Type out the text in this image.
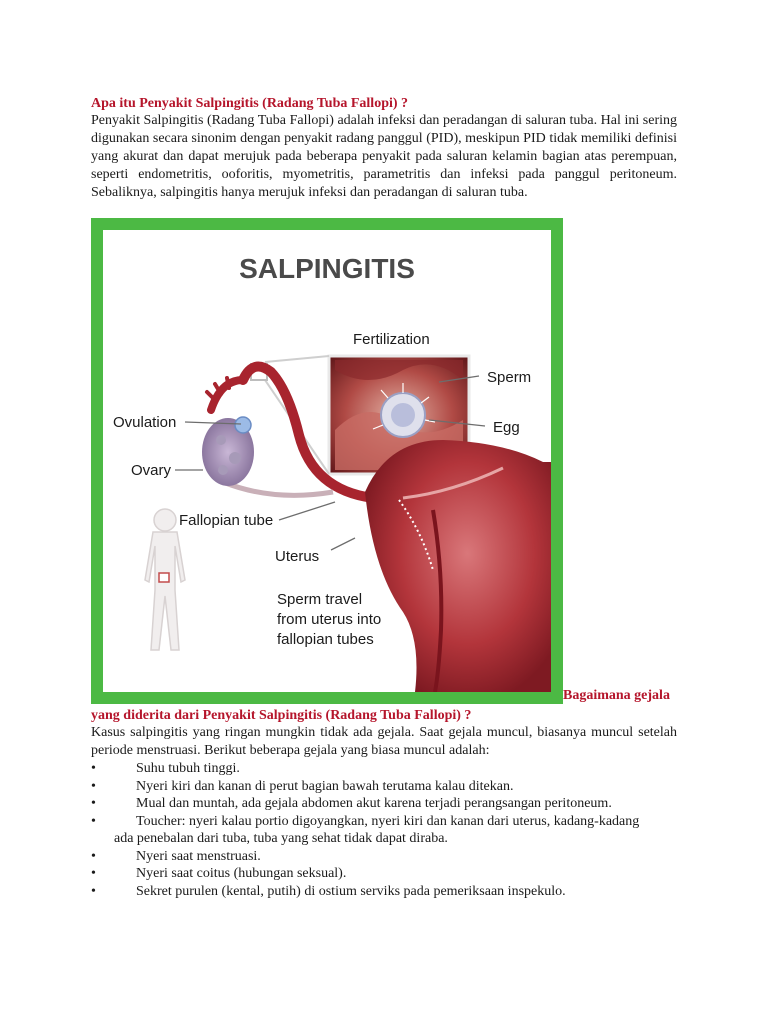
Apa itu Penyakit Salpingitis (Radang Tuba Fallopi) ?
Penyakit Salpingitis (Radang Tuba Fallopi) adalah infeksi dan peradangan di saluran tuba. Hal ini sering digunakan secara sinonim dengan penyakit radang panggul (PID), meskipun PID tidak memiliki definisi yang akurat dan dapat merujuk pada beberapa penyakit pada saluran kelamin bagian atas perempuan, seperti endometritis, ooforitis, myometritis, parametritis dan infeksi pada panggul peritoneum. Sebaliknya, salpingitis hanya merujuk infeksi dan peradangan di saluran tuba.
SALPINGITIS
Fertilization
Sperm
Egg
Ovulation
Ovary
Fallopian tube
Uterus
Sperm travel
from uterus into
fallopian tubes
Bagaimana gejala
yang diderita dari Penyakit Salpingitis (Radang Tuba Fallopi) ?
Kasus salpingitis yang ringan mungkin tidak ada gejala. Saat gejala muncul, biasanya muncul setelah periode menstruasi. Berikut beberapa gejala yang biasa muncul adalah:
•	Suhu tubuh tinggi.
•	Nyeri kiri dan kanan di perut bagian bawah terutama kalau ditekan.
•	Mual dan muntah, ada gejala abdomen akut karena terjadi perangsangan peritoneum.
•	Toucher: nyeri kalau portio digoyangkan, nyeri kiri dan kanan dari uterus, kadang-kadang
ada penebalan dari tuba, tuba yang sehat tidak dapat diraba.
•	Nyeri saat menstruasi.
•	Nyeri saat coitus (hubungan seksual).
•	Sekret purulen (kental, putih) di ostium serviks pada pemeriksaan inspekulo.
